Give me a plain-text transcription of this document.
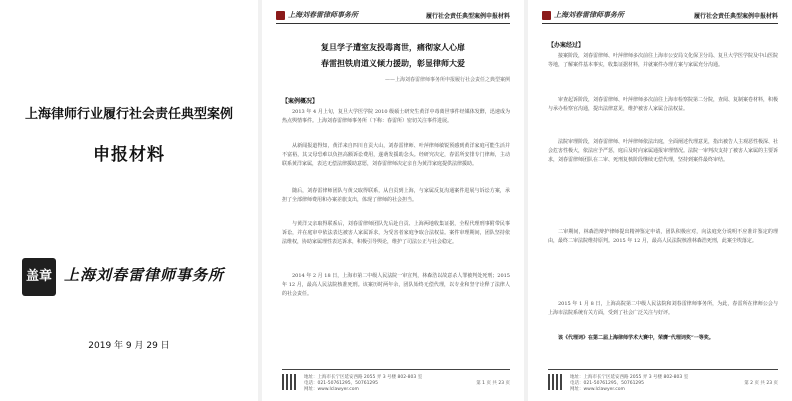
上海律师行业履行社会责任典型案例
申报材料
盖章 上海刘春雷律师事务所
2019 年 9 月 29 日
上海刘春雷律师事务所	履行社会责任典型案例申报材料
复旦学子遭室友投毒离世，痛彻家人心扉
春雷担铁肩道义倾力援助，彰显律师大爱
——上海刘春雷律师事务所申报履行社会责任之典型案例
【案例概况】
2013 年 4 月上旬，复旦大学医学院 2010 级硕士研究生黄洋中毒离世事件经媒体发酵，迅速成为热点舆情事件。上海刘春雷律师事务所（下称：春雷所）密切关注事件进展。
从新闻报道得知，黄洋来自四川自贡大山，刘春雷律师、叶萍律师敏锐预感到黄洋家庭可能生活并不富裕，其父母恐难以负担高额诉讼费用，遂萌发援助念头。经研究决定，春雷所安排专门律师，主动联系黄洋家属，表达无偿法律援助意愿，刘春雷律师决定亲自为黄洋家庭提供法律援助。
随后，刘春雷律师团队与黄父取得联系，从自贡到上海，与家属反复沟通案件进展与诉讼方案，承担了全部律师费用和办案差旅支出，体现了律师的社会担当。
与黄洋父亲取得联系后，刘春雷律师团队先后赴自贡、上海两地收集证据，全程代理刑事附带民事诉讼，并在庭审中依法表达被害人家属诉求，为受害者家庭争取合法权益。案件审理期间，团队坚持依法维权，协助家属理性表达诉求，积极引导舆论，维护了司法公正与社会稳定。
2014 年 2 月 18 日，上海市第二中级人民法院一审宣判，林森浩以故意杀人罪被判处死刑；2015 年 12 月，最高人民法院核准死刑。该案历时两年余，团队始终无偿代理，以专业和坚守诠释了法律人的社会责任。
地址：上海市长宁区延安西路 2055 弄 3 号楼 802-803 室
电话：021-50761295、50761295
网址：www.lclawyer.com
第 1 页 共 23 页
上海刘春雷律师事务所	履行社会责任典型案例申报材料
【办案经过】
接案阶段，刘春雷律师、叶萍律师多次前往上海市公安局文化保卫分局、复旦大学医学院及中山医院等地，了解案件基本事实，收集证据材料，并就案件办理方案与家属充分沟通。
审查起诉阶段，刘春雷律师、叶萍律师多次前往上海市检察院第二分院，查阅、复制案卷材料，积极与承办检察官沟通，提出法律意见，维护被害人家属合法权益。
法院审理阶段，刘春雷律师、叶萍律师依法出庭，全面阐述代理意见，指出被告人主观恶性极深、社会危害性极大，依法应予严惩，庭后及时向家属通报审理情况。法院一审判决支持了被害人家属的主要诉求，刘春雷律师团队在二审、死刑复核阶段继续无偿代理，坚持到案件最终审结。
二审期间，林森浩辩护律师提出精神鉴定申请，团队积极应对，向法庭充分说明不应准许鉴定的理由，最终二审法院维持原判。2015 年 12 月，最高人民法院核准林森浩死刑，此案尘埃落定。
2015 年 1 月 8 日，上海高院第二中级人民法院和刘春雷律师事务所，为此，春雷所在律师公会与上海市法院系统有关方面，受到了社会广泛关注与好评。
该《代理词》在第二届上海律师学术大赛中，荣膺“代理词奖”一等奖。
地址：上海市长宁区延安西路 2055 弄 3 号楼 802-803 室
电话：021-50761295、50761295
网址：www.lclawyer.com
第 2 页 共 23 页
